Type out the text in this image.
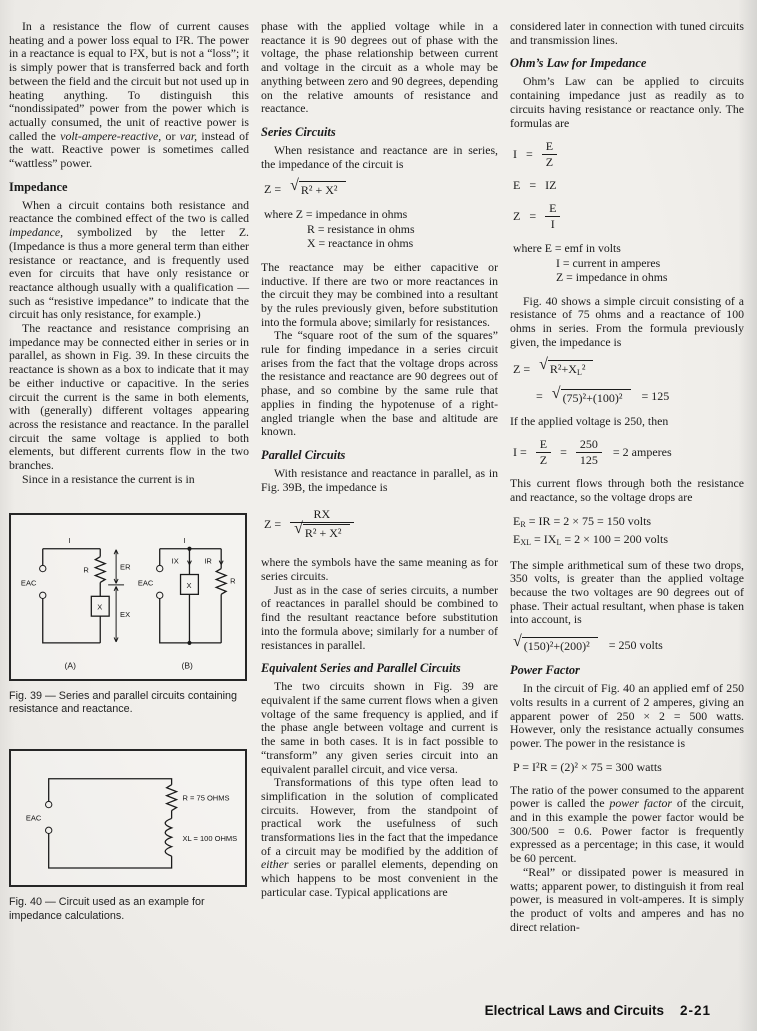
In a resistance the flow of current causes heating and a power loss equal to I²R. The power in a reactance is equal to I²X, but is not a “loss”; it is simply power that is transferred back and forth between the field and the circuit but not used up in heating anything. To distinguish this “nondissipated” power from the power which is actually consumed, the unit of reactive power is called the volt-ampere-reactive, or var, instead of the watt. Reactive power is sometimes called “wattless” power.

Impedance

When a circuit contains both resistance and reactance the combined effect of the two is called impedance, symbolized by the letter Z. (Impedance is thus a more general term than either resistance or reactance, and is frequently used even for circuits that have only resistance or reactance although usually with a qualification — such as “resistive impedance” to indicate that the circuit has only resistance, for example.)

The reactance and resistance comprising an impedance may be connected either in series or in parallel, as shown in Fig. 39. In these circuits the reactance is shown as a box to indicate that it may be either inductive or capacitive. In the series circuit the current is the same in both elements, with (generally) different voltages appearing across the resistance and reactance. In the parallel circuit the same voltage is applied to both elements, but different currents flow in the two branches.

Since in a resistance the current is in

I
EAC
R	ER
X
EX
(A)
I
EAC
IX	IR
X	R
(B)
Fig. 39 — Series and parallel circuits containing resistance and reactance.
EAC
R = 75 OHMS
XL = 100 OHMS
Fig. 40 — Circuit used as an example for impedance calculations.

phase with the applied voltage while in a reactance it is 90 degrees out of phase with the voltage, the phase relationship between current and voltage in the circuit as a whole may be anything between zero and 90 degrees, depending on the relative amounts of resistance and reactance.

Series Circuits

When resistance and reactance are in series, the impedance of the circuit is

Z = √ R² + X²
where Z = impedance in ohms
R = resistance in ohms
X = reactance in ohms

The reactance may be either capacitive or inductive. If there are two or more reactances in the circuit they may be combined into a resultant by the rules previously given, before substitution into the formula above; similarly for resistances.

The “square root of the sum of the squares” rule for finding impedance in a series circuit arises from the fact that the voltage drops across the resistance and reactance are 90 degrees out of phase, and so combine by the same rule that applies in finding the hypotenuse of a right-angled triangle when the base and altitude are known.

Parallel Circuits

With resistance and reactance in parallel, as in Fig. 39B, the impedance is

$Z = \frac{RX}{\text{√ R² + X²}}$

where the symbols have the same meaning as for series circuits.

Just as in the case of series circuits, a number of reactances in parallel should be combined to find the resultant reactance before substitution into the formula above; similarly for a number of resistances in parallel.

Equivalent Series and Parallel Circuits

The two circuits shown in Fig. 39 are equivalent if the same current flows when a given voltage of the same frequency is applied, and if the phase angle between voltage and current is the same in both cases. It is in fact possible to “transform” any given series circuit into an equivalent parallel circuit, and vice versa.

Transformations of this type often lead to simplification in the solution of complicated circuits. However, from the standpoint of practical work the usefulness of such transformations lies in the fact that the impedance of a circuit may be modified by the addition of either series or parallel elements, depending on which happens to be most convenient in the particular case. Typical applications are

considered later in connection with tuned circuits and transmission lines.

Ohm’s Law for Impedance

Ohm’s Law can be applied to circuits containing impedance just as readily as to circuits having resistance or reactance only. The formulas are

$I = \frac{E}{Z}$
E = IZ
$Z = \frac{E}{I}$
where E = emf in volts
I = current in amperes
Z = impedance in ohms

Fig. 40 shows a simple circuit consisting of a resistance of 75 ohms and a reactance of 100 ohms in series. From the formula previously given, the impedance is

Z = √ $R^2+X_L^2$
= √ (75)²+(100)²	= 125

If the applied voltage is 250, then

$I = \frac{E}{Z} = \frac{250}{125} = 2$ amperes

This current flows through both the resistance and reactance, so the voltage drops are

$E_R$ = IR = 2 × 75 = 150 volts
$E_{XL} = IX_L = 2 \times 100 = 200$ volts

The simple arithmetical sum of these two drops, 350 volts, is greater than the applied voltage because the two voltages are 90 degrees out of phase. Their actual resultant, when phase is taken into account, is

√ (150)²+(200)²	= 250 volts
Power Factor

In the circuit of Fig. 40 an applied emf of 250 volts results in a current of 2 amperes, giving an apparent power of 250 × 2 = 500 watts. However, only the resistance actually consumes power. The power in the resistance is

P = I²R = (2)² × 75 = 300 watts

The ratio of the power consumed to the apparent power is called the power factor of the circuit, and in this example the power factor would be 300/500 = 0.6. Power factor is frequently expressed as a percentage; in this case, it would be 60 percent.

“Real” or dissipated power is measured in watts; apparent power, to distinguish it from real power, is measured in volt-amperes. It is simply the product of volts and amperes and has no direct relation-

Electrical Laws and Circuits 2-21
